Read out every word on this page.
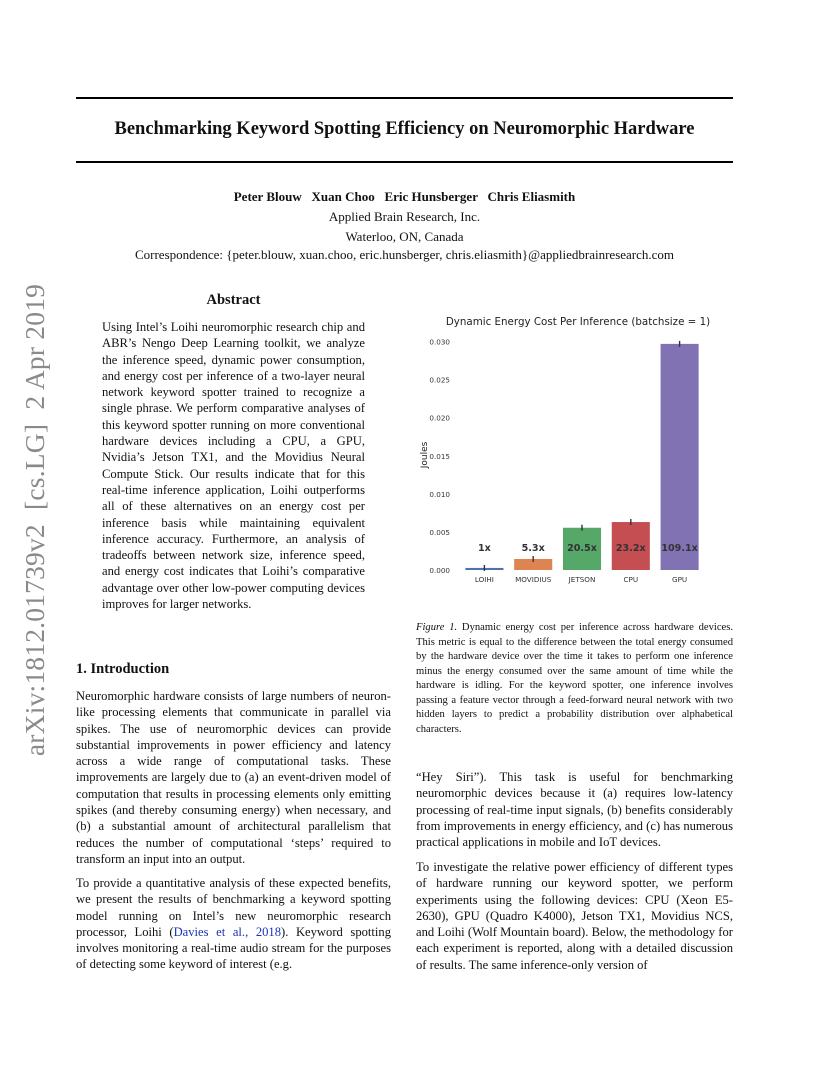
Benchmarking Keyword Spotting Efficiency on Neuromorphic Hardware
Peter Blouw   Xuan Choo   Eric Hunsberger   Chris Eliasmith
Applied Brain Research, Inc.
Waterloo, ON, Canada
Correspondence: {peter.blouw, xuan.choo, eric.hunsberger, chris.eliasmith}@appliedbrainresearch.com
arXiv:1812.01739v2  [cs.LG]  2 Apr 2019	Abstract
Using Intel’s Loihi neuromorphic research chip and ABR’s Nengo Deep Learning toolkit, we analyze the inference speed, dynamic power consumption, and energy cost per inference of a two-layer neural network keyword spotter trained to recognize a single phrase. We perform comparative analyses of this keyword spotter running on more conventional hardware devices including a CPU, a GPU, Nvidia’s Jetson TX1, and the Movidius Neural Compute Stick. Our results indicate that for this real-time inference application, Loihi outperforms all of these alternatives on an energy cost per inference basis while maintaining equivalent inference accuracy. Furthermore, an analysis of tradeoffs between network size, inference speed, and energy cost indicates that Loihi’s comparative advantage over other low-power computing devices improves for larger networks.
1. Introduction
Neuromorphic hardware consists of large numbers of neuron-like processing elements that communicate in parallel via spikes. The use of neuromorphic devices can provide substantial improvements in power efficiency and latency across a wide range of computational tasks. These improvements are largely due to (a) an event-driven model of computation that results in processing elements only emitting spikes (and thereby consuming energy) when necessary, and (b) a substantial amount of architectural parallelism that reduces the number of computational ‘steps’ required to transform an input into an output.
To provide a quantitative analysis of these expected benefits, we present the results of benchmarking a keyword spotting model running on Intel’s new neuromorphic research processor, Loihi (Davies et al., 2018). Keyword spotting involves monitoring a real-time audio stream for the purposes of detecting some keyword of interest (e.g.
Dynamic Energy Cost Per Inference (batchsize = 1)
Joules
0.000
0.005
0.010
0.015
0.020
0.025
0.030
1x	5.3x 20.5x 23.2x 109.1x
LOIHI	MOVIDIUS JETSON	CPU	GPU
Figure 1. Dynamic energy cost per inference across hardware devices. This metric is equal to the difference between the total energy consumed by the hardware device over the time it takes to perform one inference minus the energy consumed over the same amount of time while the hardware is idling. For the keyword spotter, one inference involves passing a feature vector through a feed-forward neural network with two hidden layers to predict a probability distribution over alphabetical characters.
“Hey Siri”). This task is useful for benchmarking neuromorphic devices because it (a) requires low-latency processing of real-time input signals, (b) benefits considerably from improvements in energy efficiency, and (c) has numerous practical applications in mobile and IoT devices.
To investigate the relative power efficiency of different types of hardware running our keyword spotter, we perform experiments using the following devices: CPU (Xeon E5-2630), GPU (Quadro K4000), Jetson TX1, Movidius NCS, and Loihi (Wolf Mountain board). Below, the methodology for each experiment is reported, along with a detailed discussion of results. The same inference-only version of
